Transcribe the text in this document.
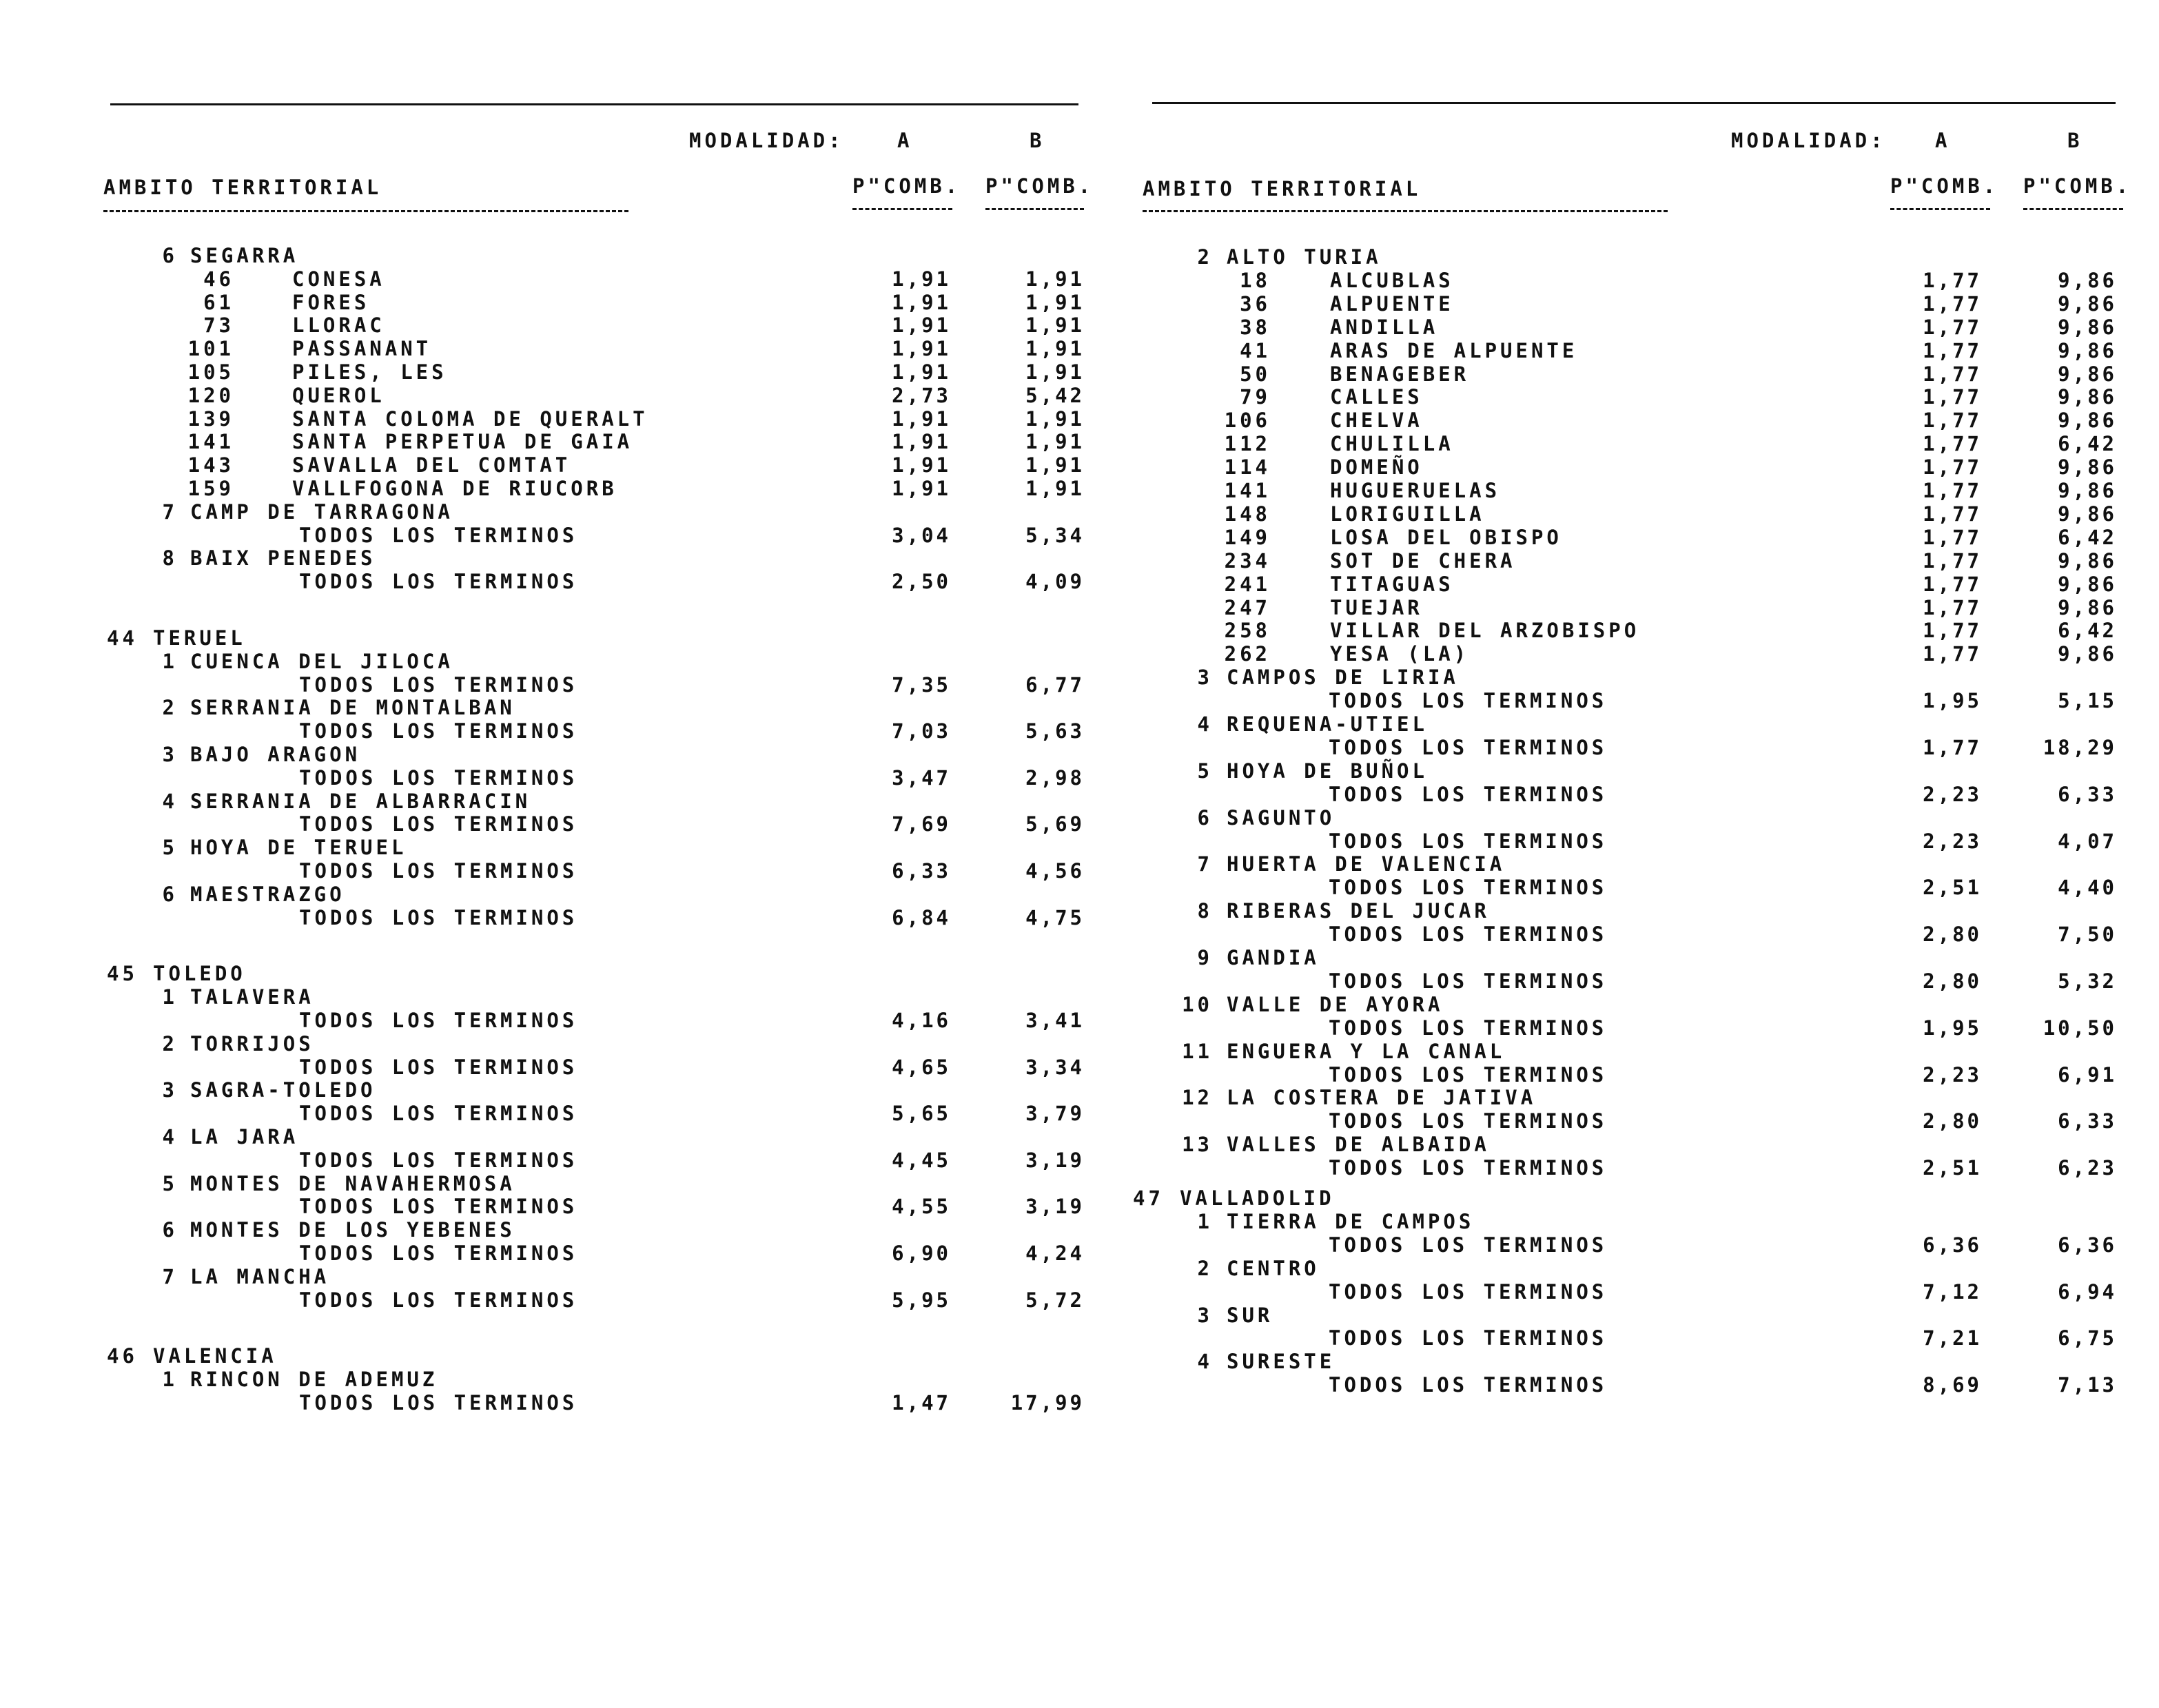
MODALIDAD:	A	B
AMBITO TERRITORIAL	P"COMB. P"COMB.
6 SEGARRA
46	CONESA	1,91	1,91
61	FORES	1,91	1,91
73	LLORAC	1,91	1,91
101	PASSANANT	1,91	1,91
105	PILES, LES	1,91	1,91
120	QUEROL	2,73	5,42
139	SANTA COLOMA DE QUERALT	1,91	1,91
141	SANTA PERPETUA DE GAIA	1,91	1,91
143	SAVALLA DEL COMTAT	1,91	1,91
159	VALLFOGONA DE RIUCORB	1,91	1,91
7 CAMP DE TARRAGONA
TODOS LOS TERMINOS	3,04	5,34
8 BAIX PENEDES
TODOS LOS TERMINOS	2,50	4,09
44 TERUEL
1 CUENCA DEL JILOCA
TODOS LOS TERMINOS	7,35	6,77
2 SERRANIA DE MONTALBAN
TODOS LOS TERMINOS	7,03	5,63
3 BAJO ARAGON
TODOS LOS TERMINOS	3,47	2,98
4 SERRANIA DE ALBARRACIN
TODOS LOS TERMINOS	7,69	5,69
5 HOYA DE TERUEL
TODOS LOS TERMINOS	6,33	4,56
6 MAESTRAZGO
TODOS LOS TERMINOS	6,84	4,75
45 TOLEDO
1 TALAVERA
TODOS LOS TERMINOS	4,16	3,41
2 TORRIJOS
TODOS LOS TERMINOS	4,65	3,34
3 SAGRA-TOLEDO
TODOS LOS TERMINOS	5,65	3,79
4 LA JARA
TODOS LOS TERMINOS	4,45	3,19
5 MONTES DE NAVAHERMOSA
TODOS LOS TERMINOS	4,55	3,19
6 MONTES DE LOS YEBENES
TODOS LOS TERMINOS	6,90	4,24
7 LA MANCHA
TODOS LOS TERMINOS	5,95	5,72
46 VALENCIA
1 RINCON DE ADEMUZ
TODOS LOS TERMINOS	1,47	17,99
MODALIDAD: A	B
AMBITO TERRITORIAL	P"COMB. P"COMB.
2 ALTO TURIA
18	ALCUBLAS	1,77	9,86
36	ALPUENTE	1,77	9,86
38	ANDILLA	1,77	9,86
41	ARAS DE ALPUENTE	1,77	9,86
50	BENAGEBER	1,77	9,86
79	CALLES	1,77	9,86
106	CHELVA	1,77	9,86
112	CHULILLA	1,77	6,42
114	DOMEÑO	1,77	9,86
141	HUGUERUELAS	1,77	9,86
148	LORIGUILLA	1,77	9,86
149	LOSA DEL OBISPO	1,77	6,42
234	SOT DE CHERA	1,77	9,86
241	TITAGUAS	1,77	9,86
247	TUEJAR	1,77	9,86
258	VILLAR DEL ARZOBISPO	1,77	6,42
262	YESA (LA)	1,77	9,86
3 CAMPOS DE LIRIA
TODOS LOS TERMINOS	1,95	5,15
4 REQUENA-UTIEL
TODOS LOS TERMINOS	1,77	18,29
5 HOYA DE BUÑOL
TODOS LOS TERMINOS	2,23	6,33
6 SAGUNTO
TODOS LOS TERMINOS	2,23	4,07
7 HUERTA DE VALENCIA
TODOS LOS TERMINOS	2,51	4,40
8 RIBERAS DEL JUCAR
TODOS LOS TERMINOS	2,80	7,50
9 GANDIA
TODOS LOS TERMINOS	2,80	5,32
10 VALLE DE AYORA
TODOS LOS TERMINOS	1,95	10,50
11 ENGUERA Y LA CANAL
TODOS LOS TERMINOS	2,23	6,91
12 LA COSTERA DE JATIVA
TODOS LOS TERMINOS	2,80	6,33
13 VALLES DE ALBAIDA
TODOS LOS TERMINOS	2,51	6,23
47 VALLADOLID
1 TIERRA DE CAMPOS
TODOS LOS TERMINOS	6,36	6,36
2 CENTRO
TODOS LOS TERMINOS	7,12	6,94
3 SUR
TODOS LOS TERMINOS	7,21	6,75
4 SURESTE
TODOS LOS TERMINOS	8,69	7,13
